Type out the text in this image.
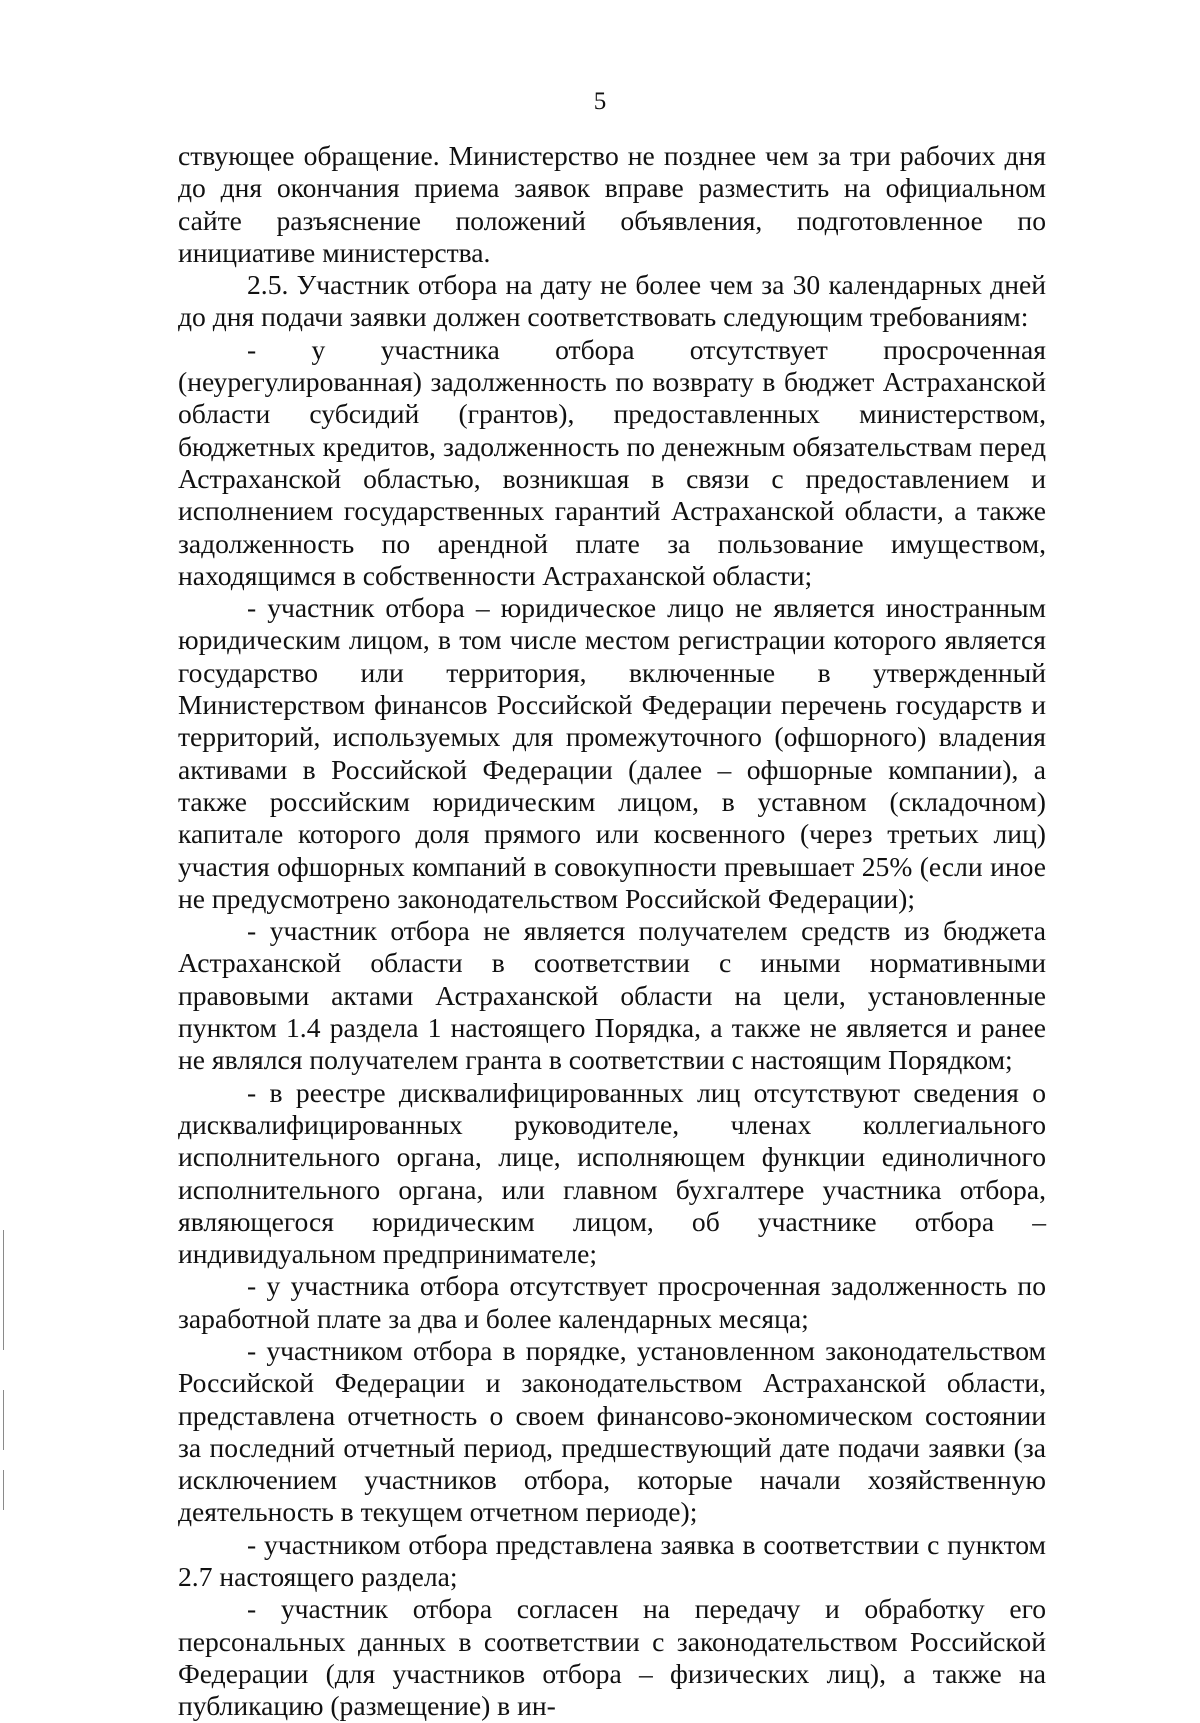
5

ствующее обращение. Министерство не позднее чем за три рабочих дня до дня окончания приема заявок вправе разместить на официальном сайте разъяснение положений объявления, подготовленное по инициативе министерства.

2.5. Участник отбора на дату не более чем за 30 календарных дней до дня подачи заявки должен соответствовать следующим требованиям:

- у участника отбора отсутствует просроченная (неурегулированная) задолженность по возврату в бюджет Астраханской области субсидий (грантов), предоставленных министерством, бюджетных кредитов, задолженность по денежным обязательствам перед Астраханской областью, возникшая в связи с предоставлением и исполнением государственных гарантий Астраханской области, а также задолженность по арендной плате за пользование имуществом, находящимся в собственности Астраханской области;

- участник отбора – юридическое лицо не является иностранным юридическим лицом, в том числе местом регистрации которого является государство или территория, включенные в утвержденный Министерством финансов Российской Федерации перечень государств и территорий, используемых для промежуточного (офшорного) владения активами в Российской Федерации (далее – офшорные компании), а также российским юридическим лицом, в уставном (складочном) капитале которого доля прямого или косвенного (через третьих лиц) участия офшорных компаний в совокупности превышает 25% (если иное не предусмотрено законодательством Российской Федерации);

- участник отбора не является получателем средств из бюджета Астраханской области в соответствии с иными нормативными правовыми актами Астраханской области на цели, установленные пунктом 1.4 раздела 1 настоящего Порядка, а также не является и ранее не являлся получателем гранта в соответствии с настоящим Порядком;

- в реестре дисквалифицированных лиц отсутствуют сведения о дисквалифицированных руководителе, членах коллегиального исполнительного органа, лице, исполняющем функции единоличного исполнительного органа, или главном бухгалтере участника отбора, являющегося юридическим лицом, об участнике отбора – индивидуальном предпринимателе;

- у участника отбора отсутствует просроченная задолженность по заработной плате за два и более календарных месяца;

- участником отбора в порядке, установленном законодательством Российской Федерации и законодательством Астраханской области, представлена отчетность о своем финансово-экономическом состоянии за последний отчетный период, предшествующий дате подачи заявки (за исключением участников отбора, которые начали хозяйственную деятельность в текущем отчетном периоде);

- участником отбора представлена заявка в соответствии с пунктом 2.7 настоящего раздела;

- участник отбора согласен на передачу и обработку его персональных данных в соответствии с законодательством Российской Федерации (для участников отбора – физических лиц), а также на публикацию (размещение) в ин-
